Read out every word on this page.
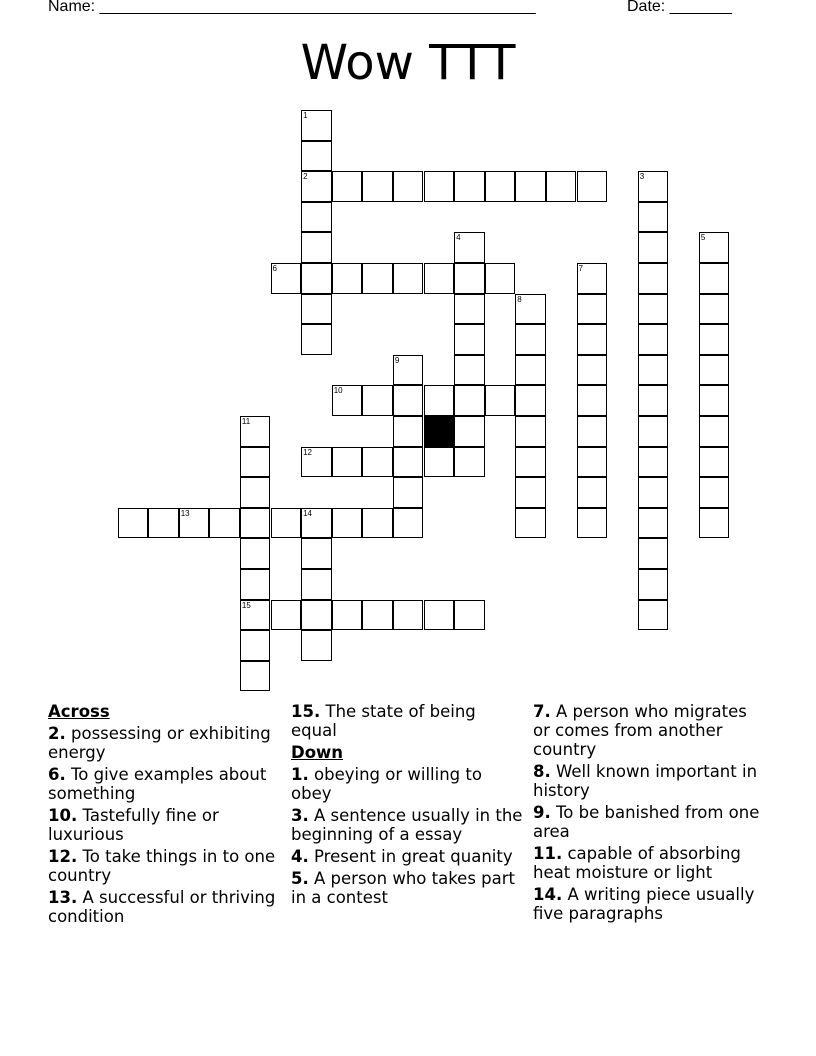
Name: _________________________________________________	Date: _______
Wow TTT
1
2	3
4	5
6	7
8
9
10
11
15
12
13	14
Across
2. possessing or exhibiting energy
6. To give examples about something
10. Tastefully fine or luxurious
12. To take things in to one country
13. A successful or thriving condition
15. The state of being equal
Down
1. obeying or willing to obey
3. A sentence usually in the beginning of a essay
4. Present in great quanity
5. A person who takes part in a contest
7. A person who migrates or comes from another country
8. Well known important in history
9. To be banished from one area
11. capable of absorbing heat moisture or light
14. A writing piece usually five paragraphs
